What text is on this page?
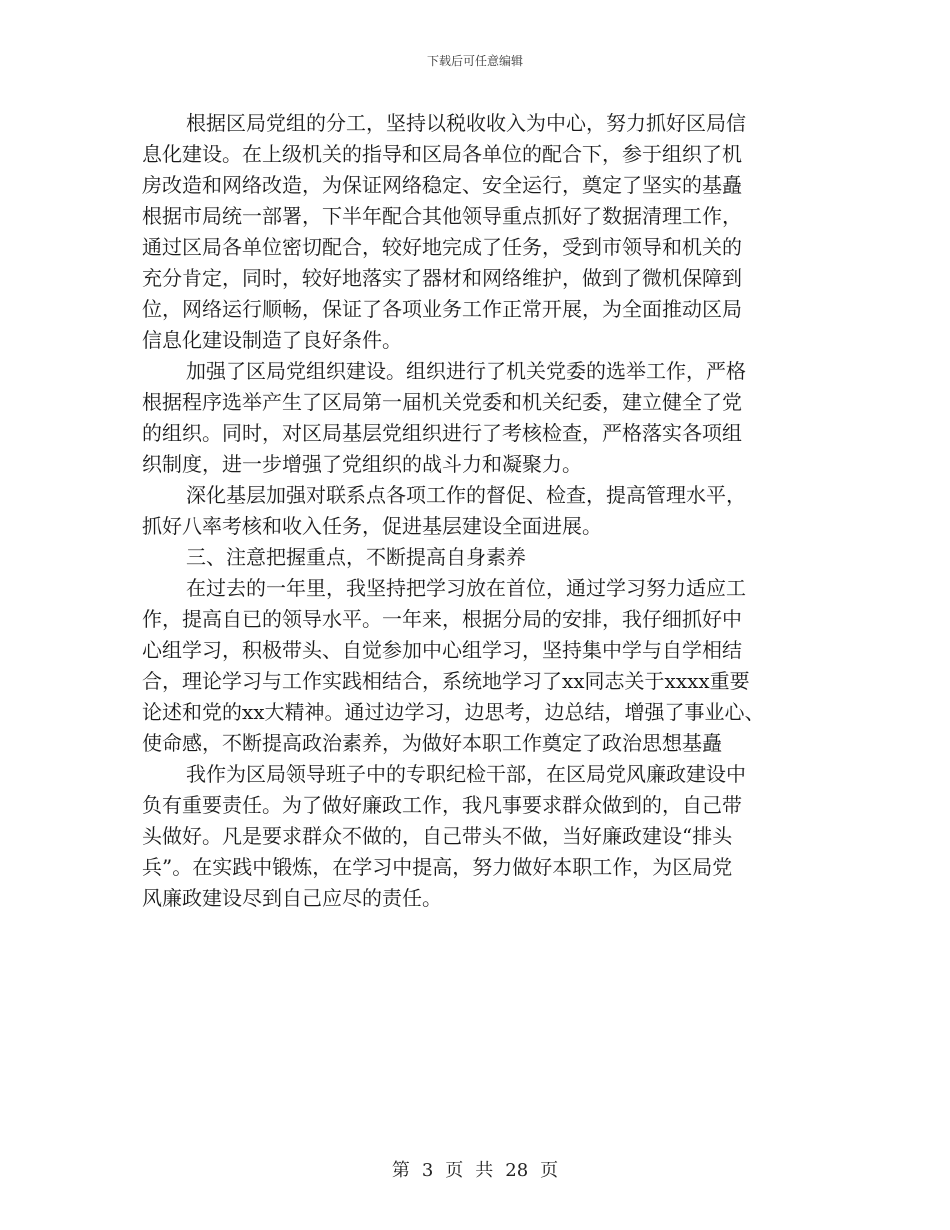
下载后可任意编辑
根据区局党组的分工，坚持以税收收入为中心，努力抓好区局信
息化建设。在上级机关的指导和区局各单位的配合下，参于组织了机
房改造和网络改造，为保证网络稳定、安全运行，奠定了坚实的基矗
根据市局统一部署，下半年配合其他领导重点抓好了数据清理工作，
通过区局各单位密切配合，较好地完成了任务，受到市领导和机关的
充分肯定，同时，较好地落实了器材和网络维护，做到了微机保障到
位，网络运行顺畅，保证了各项业务工作正常开展，为全面推动区局
信息化建设制造了良好条件。
加强了区局党组织建设。组织进行了机关党委的选举工作，严格
根据程序选举产生了区局第一届机关党委和机关纪委，建立健全了党
的组织。同时，对区局基层党组织进行了考核检查，严格落实各项组
织制度，进一步增强了党组织的战斗力和凝聚力。
深化基层加强对联系点各项工作的督促、检查，提高管理水平，
抓好八率考核和收入任务，促进基层建设全面进展。
三、注意把握重点，不断提高自身素养
在过去的一年里，我坚持把学习放在首位，通过学习努力适应工
作，提高自已的领导水平。一年来，根据分局的安排，我仔细抓好中
心组学习，积极带头、自觉参加中心组学习，坚持集中学与自学相结
合，理论学习与工作实践相结合，系统地学习了xx同志关于xxxx重要
论述和党的xx大精神。通过边学习，边思考，边总结，增强了事业心、
使命感，不断提高政治素养，为做好本职工作奠定了政治思想基矗
我作为区局领导班子中的专职纪检干部，在区局党风廉政建设中
负有重要责任。为了做好廉政工作，我凡事要求群众做到的，自己带
头做好。凡是要求群众不做的，自己带头不做，当好廉政建设“排头
兵”。在实践中锻炼，在学习中提高，努力做好本职工作，为区局党
风廉政建设尽到自己应尽的责任。
第 3 页 共 28 页
